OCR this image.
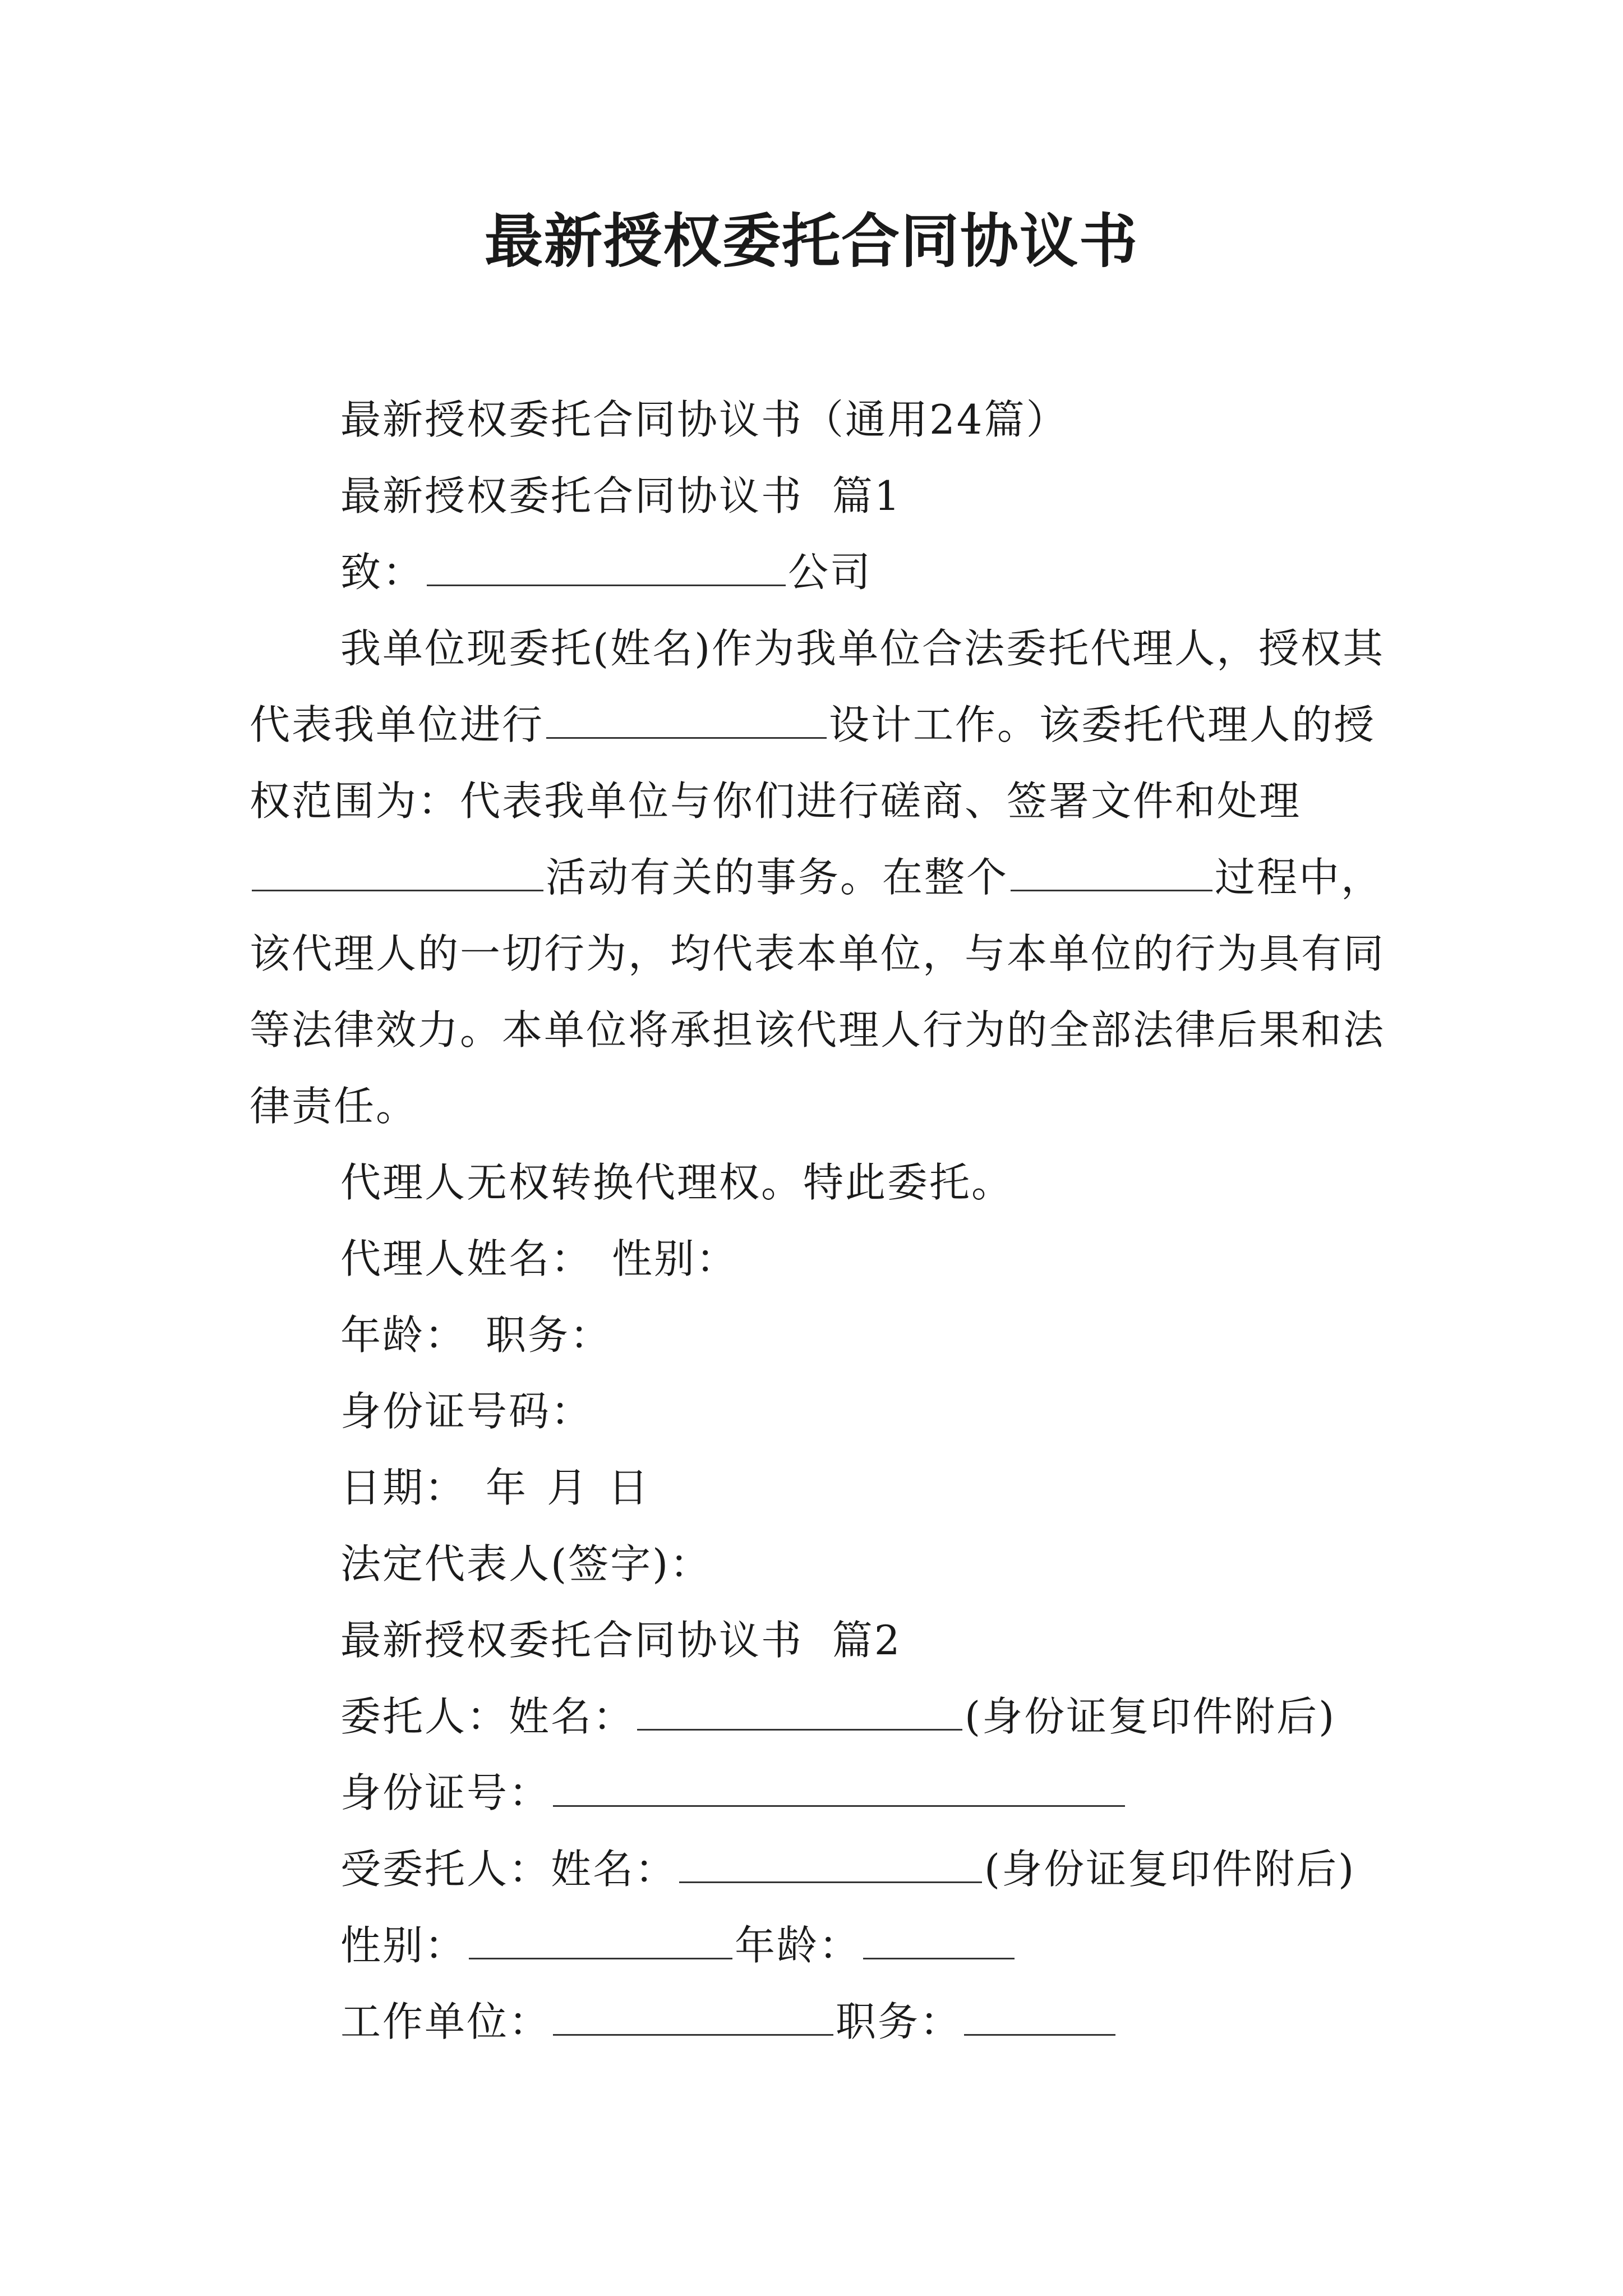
最新授权委托合同协议书

最新授权委托合同协议书（通用24篇）

最新授权委托合同协议书  篇1

致：	公司

我单位现委托(姓名)作为我单位合法委托代理人，授权其代表我单位进行	设计工作。该委托代理人的授权范围为：代表我单位与你们进行磋商、签署文件和处理活动有关的事务。在整个	过程中，该代理人的一切行为，均代表本单位，与本单位的行为具有同等法律效力。本单位将承担该代理人行为的全部法律后果和法律责任。

代理人无权转换代理权。特此委托。

代理人姓名： 性别：

年龄： 职务：

身份证号码：

日期： 年 月 日

法定代表人(签字)：

最新授权委托合同协议书  篇2

委托人：姓名：	(身份证复印件附后)

身份证号：

受委托人：姓名：	(身份证复印件附后)

性别：	年龄：

工作单位：	职务：
